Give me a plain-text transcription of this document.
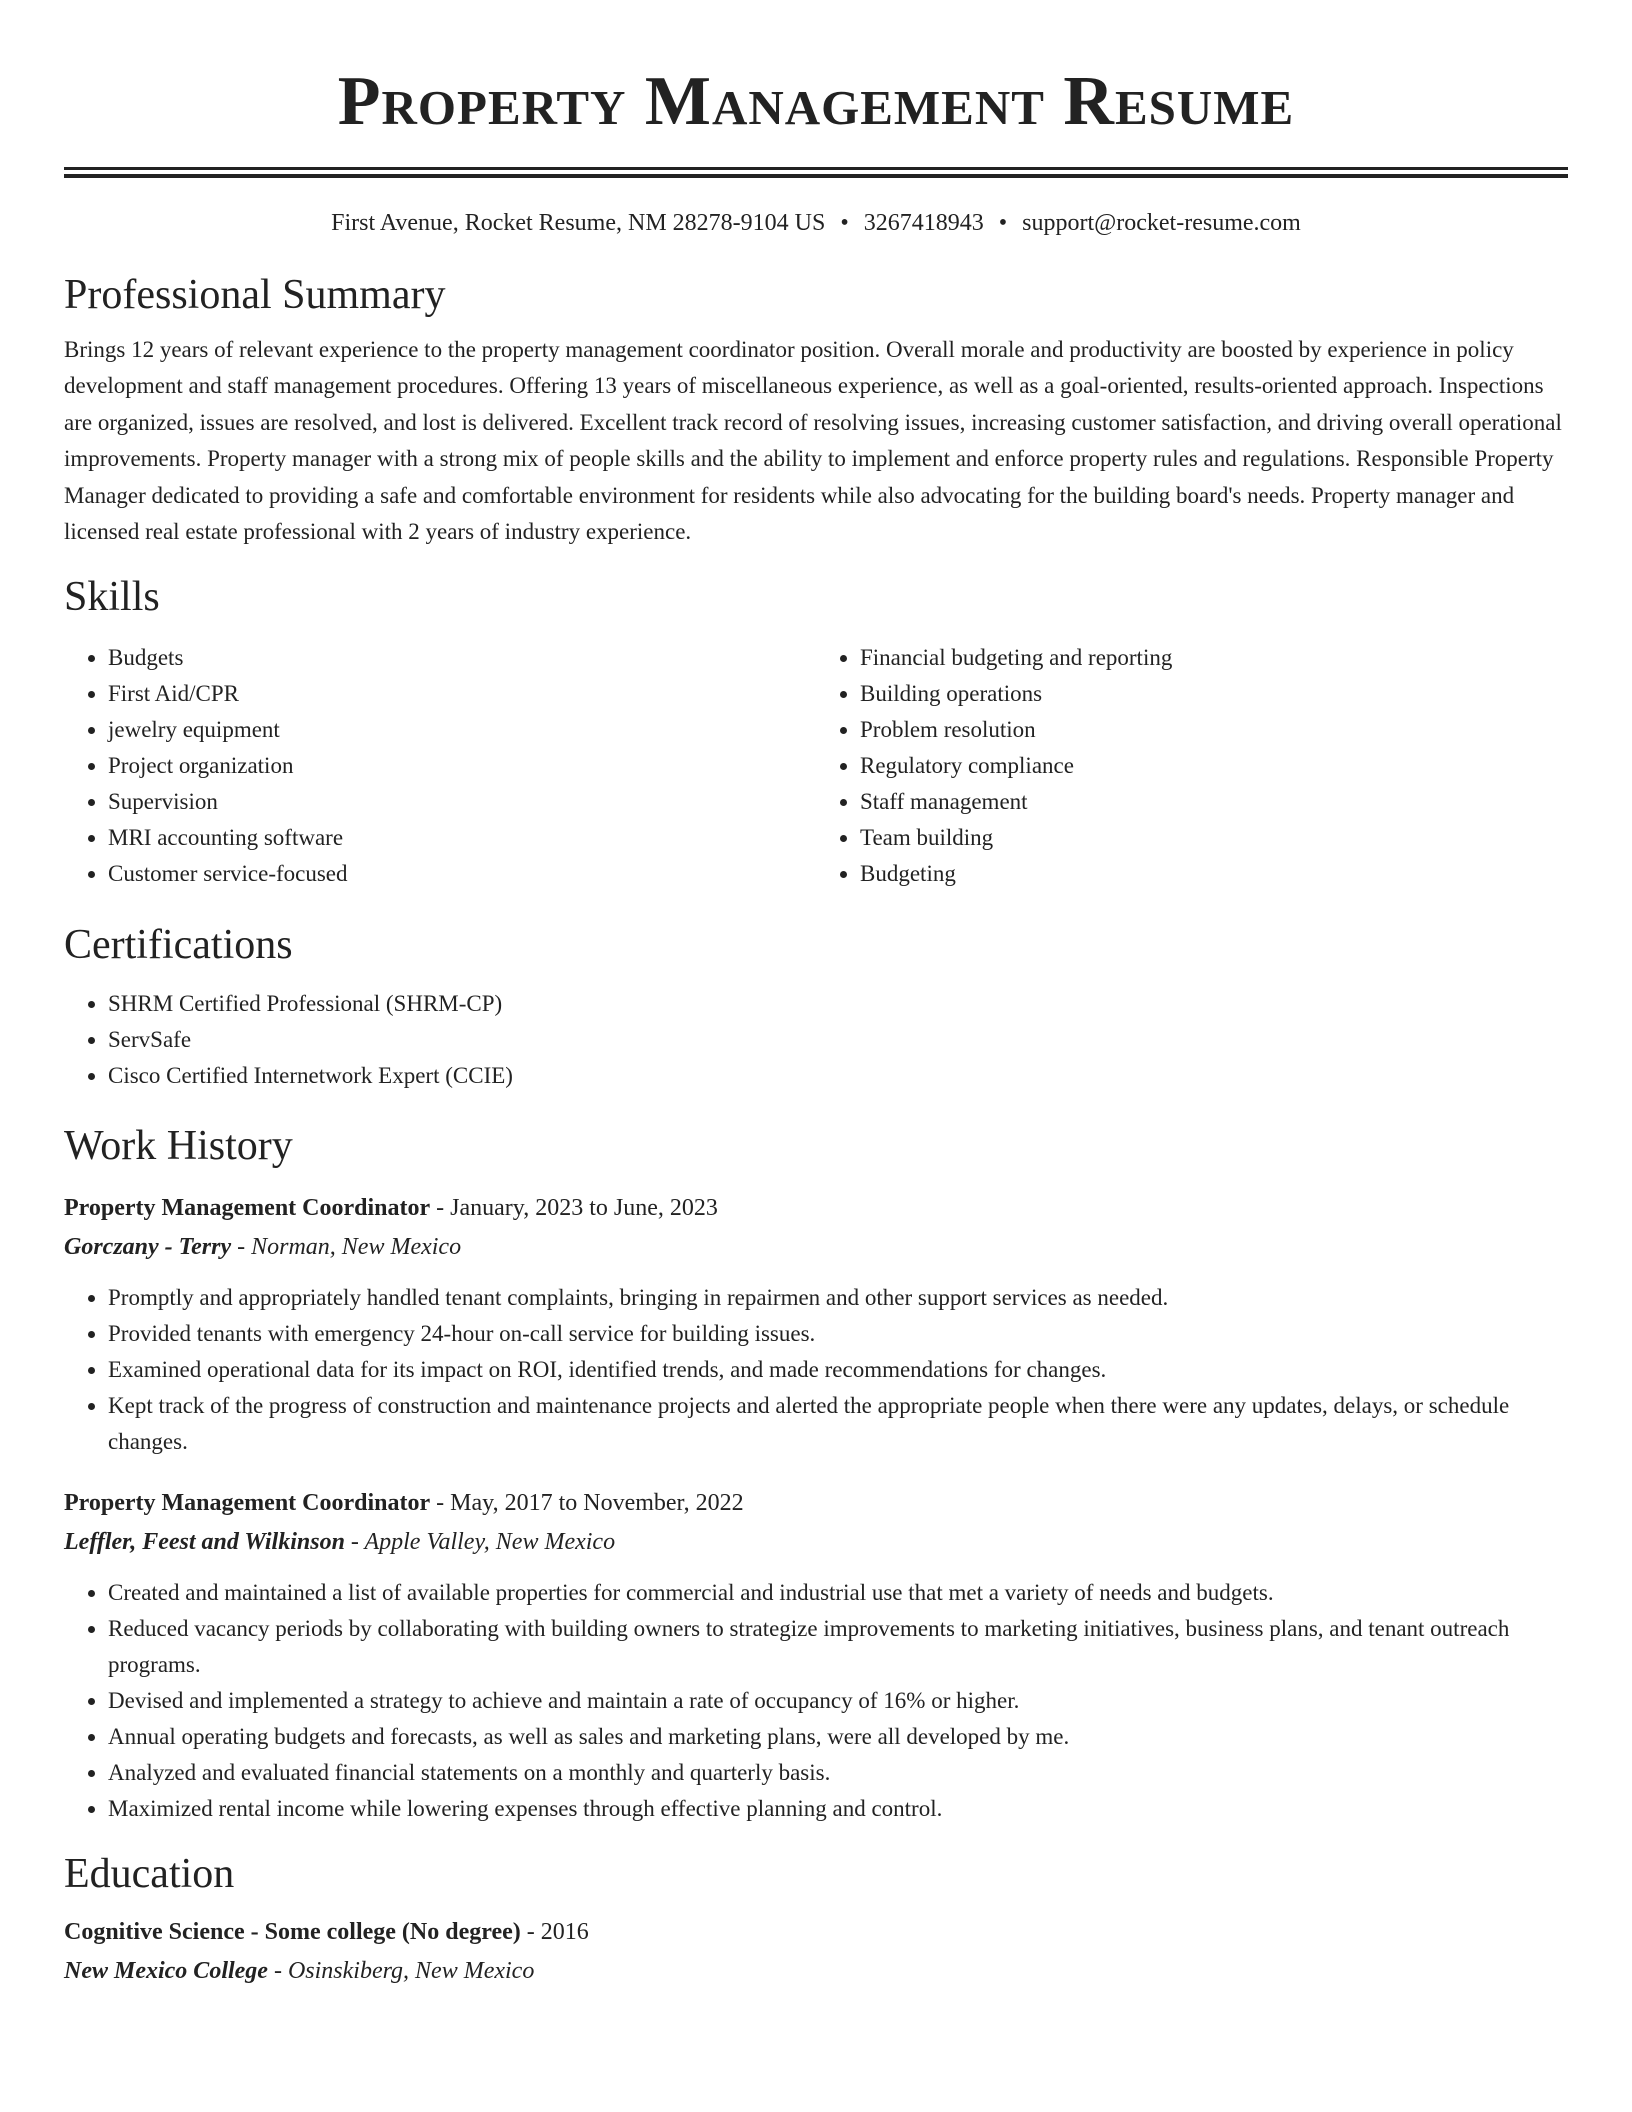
Property Management Resume
First Avenue, Rocket Resume, NM 28278-9104 US • 3267418943 • support@rocket-resume.com
Professional Summary
Brings 12 years of relevant experience to the property management coordinator position. Overall morale and productivity are boosted by experience in policy development and staff management procedures. Offering 13 years of miscellaneous experience, as well as a goal-oriented, results-oriented approach. Inspections are organized, issues are resolved, and lost is delivered. Excellent track record of resolving issues, increasing customer satisfaction, and driving overall operational improvements. Property manager with a strong mix of people skills and the ability to implement and enforce property rules and regulations. Responsible Property Manager dedicated to providing a safe and comfortable environment for residents while also advocating for the building board's needs. Property manager and licensed real estate professional with 2 years of industry experience.
Skills
• Budgets
• First Aid/CPR
• jewelry equipment
• Project organization
• Supervision
• MRI accounting software
• Customer service-focused
• Financial budgeting and reporting
• Building operations
• Problem resolution
• Regulatory compliance
• Staff management
• Team building
• Budgeting
Certifications
• SHRM Certified Professional (SHRM-CP)
• ServSafe
• Cisco Certified Internetwork Expert (CCIE)
Work History
Property Management Coordinator - January, 2023 to June, 2023
Gorczany - Terry - Norman, New Mexico
• Promptly and appropriately handled tenant complaints, bringing in repairmen and other support services as needed.
• Provided tenants with emergency 24-hour on-call service for building issues.
• Examined operational data for its impact on ROI, identified trends, and made recommendations for changes.
• Kept track of the progress of construction and maintenance projects and alerted the appropriate people when there were any updates, delays, or schedule changes.
Property Management Coordinator - May, 2017 to November, 2022
Leffler, Feest and Wilkinson - Apple Valley, New Mexico
• Created and maintained a list of available properties for commercial and industrial use that met a variety of needs and budgets.
• Reduced vacancy periods by collaborating with building owners to strategize improvements to marketing initiatives, business plans, and tenant outreach programs.
• Devised and implemented a strategy to achieve and maintain a rate of occupancy of 16% or higher.
• Annual operating budgets and forecasts, as well as sales and marketing plans, were all developed by me.
• Analyzed and evaluated financial statements on a monthly and quarterly basis.
• Maximized rental income while lowering expenses through effective planning and control.
Education
Cognitive Science - Some college (No degree) - 2016
New Mexico College - Osinskiberg, New Mexico
